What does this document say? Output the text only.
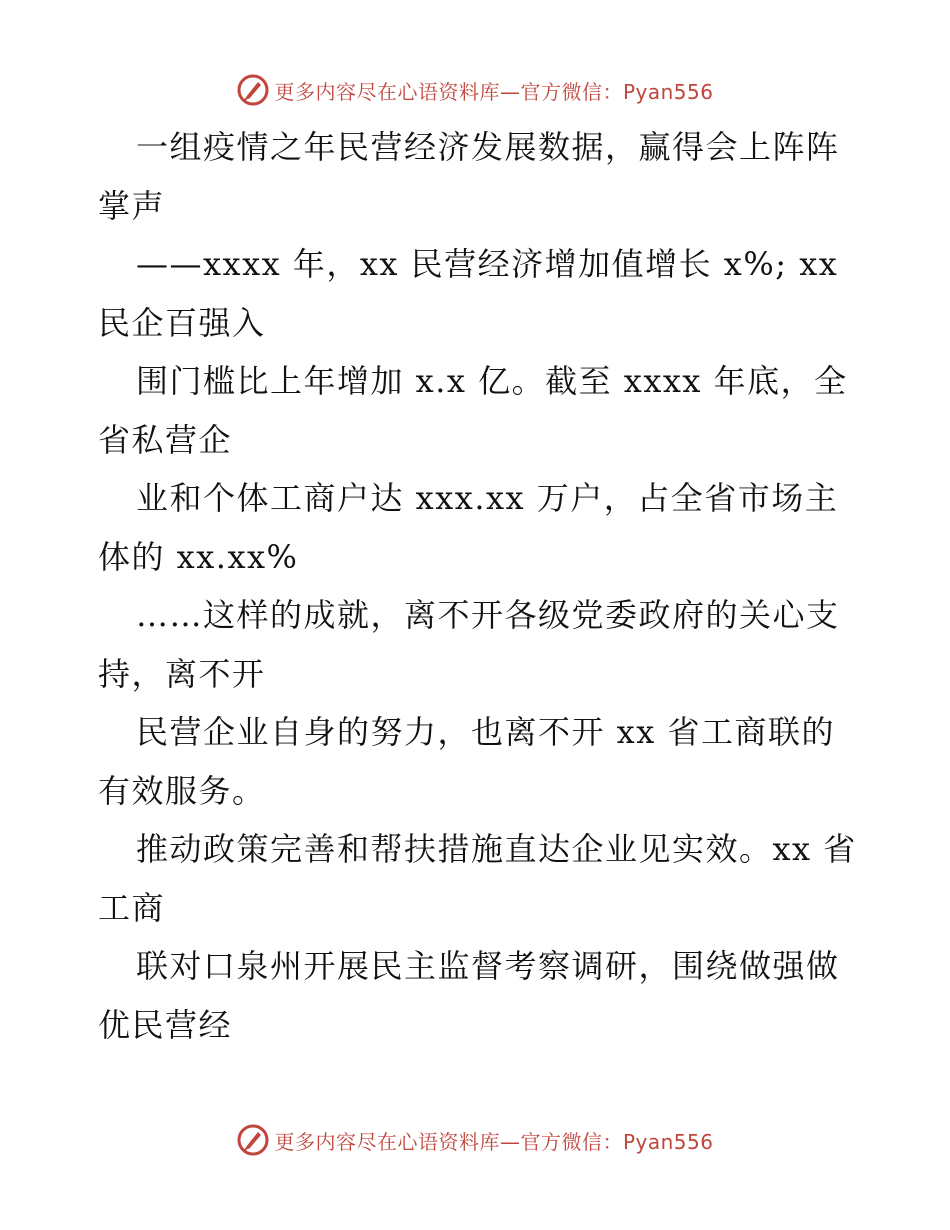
更多内容尽在心语资料库—官方微信：Pyan556

一组疫情之年民营经济发展数据，赢得会上阵阵掌声

——xxxx 年，xx 民营经济增加值增长 x%; xx 民企百强入

围门槛比上年增加 x.x 亿。截至 xxxx 年底，全省私营企

业和个体工商户达 xxx.xx 万户，占全省市场主体的 xx.xx%

……这样的成就，离不开各级党委政府的关心支持，离不开

民营企业自身的努力，也离不开 xx 省工商联的有效服务。

推动政策完善和帮扶措施直达企业见实效。xx 省工商

联对口泉州开展民主监督考察调研，围绕做强做优民营经

更多内容尽在心语资料库—官方微信：Pyan556
